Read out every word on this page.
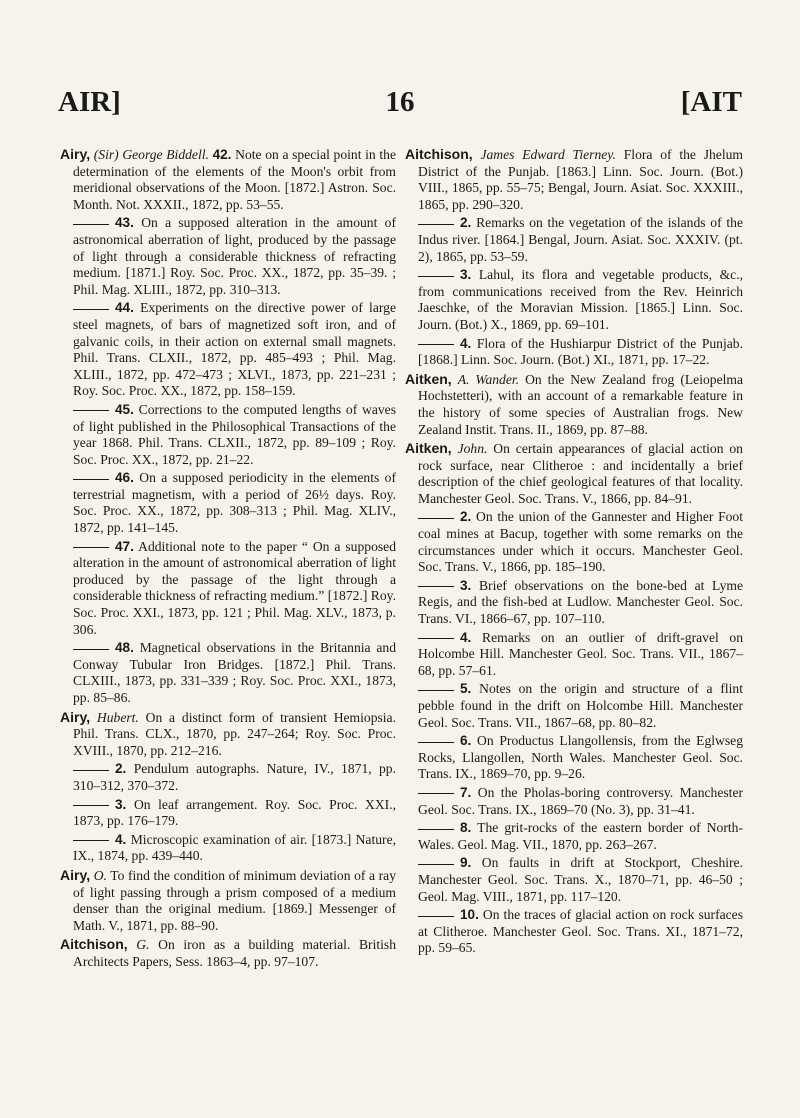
AIR]	16	[AIT

Airy, (Sir) George Biddell. 42. Note on a special point in the determination of the elements of the Moon's orbit from meridional observations of the Moon. [1872.] Astron. Soc. Month. Not. XXXII., 1872, pp. 53–55.

43. On a supposed alteration in the amount of astronomical aberration of light, produced by the passage of light through a considerable thickness of refracting medium. [1871.] Roy. Soc. Proc. XX., 1872, pp. 35–39. ; Phil. Mag. XLIII., 1872, pp. 310–313.

44. Experiments on the directive power of large steel magnets, of bars of magnetized soft iron, and of galvanic coils, in their action on external small magnets. Phil. Trans. CLXII., 1872, pp. 485–493 ; Phil. Mag. XLIII., 1872, pp. 472–473 ; XLVI., 1873, pp. 221–231 ; Roy. Soc. Proc. XX., 1872, pp. 158–159.

45. Corrections to the computed lengths of waves of light published in the Philosophical Transactions of the year 1868. Phil. Trans. CLXII., 1872, pp. 89–109 ; Roy. Soc. Proc. XX., 1872, pp. 21–22.

46. On a supposed periodicity in the elements of terrestrial magnetism, with a period of 26½ days. Roy. Soc. Proc. XX., 1872, pp. 308–313 ; Phil. Mag. XLIV., 1872, pp. 141–145.

47. Additional note to the paper “ On a supposed alteration in the amount of astronomical aberration of light produced by the passage of the light through a considerable thickness of refracting medium.” [1872.] Roy. Soc. Proc. XXI., 1873, pp. 121 ; Phil. Mag. XLV., 1873, p. 306.

48. Magnetical observations in the Britannia and Conway Tubular Iron Bridges. [1872.] Phil. Trans. CLXIII., 1873, pp. 331–339 ; Roy. Soc. Proc. XXI., 1873, pp. 85–86.

Airy, Hubert. On a distinct form of transient Hemiopsia. Phil. Trans. CLX., 1870, pp. 247–264; Roy. Soc. Proc. XVIII., 1870, pp. 212–216.

2. Pendulum autographs. Nature, IV., 1871, pp. 310–312, 370–372.

3. On leaf arrangement. Roy. Soc. Proc. XXI., 1873, pp. 176–179.

4. Microscopic examination of air. [1873.] Nature, IX., 1874, pp. 439–440.

Airy, O. To find the condition of minimum deviation of a ray of light passing through a prism composed of a medium denser than the original medium. [1869.] Messenger of Math. V., 1871, pp. 88–90.

Aitchison, G. On iron as a building material. British Architects Papers, Sess. 1863–4, pp. 97–107.

Aitchison, James Edward Tierney. Flora of the Jhelum District of the Punjab. [1863.] Linn. Soc. Journ. (Bot.) VIII., 1865, pp. 55–75; Bengal, Journ. Asiat. Soc. XXXIII., 1865, pp. 290–320.

2. Remarks on the vegetation of the islands of the Indus river. [1864.] Bengal, Journ. Asiat. Soc. XXXIV. (pt. 2), 1865, pp. 53–59.

3. Lahul, its flora and vegetable products, &c., from communications received from the Rev. Heinrich Jaeschke, of the Moravian Mission. [1865.] Linn. Soc. Journ. (Bot.) X., 1869, pp. 69–101.

4. Flora of the Hushiarpur District of the Punjab. [1868.] Linn. Soc. Journ. (Bot.) XI., 1871, pp. 17–22.

Aitken, A. Wander. On the New Zealand frog (Leiopelma Hochstetteri), with an account of a remarkable feature in the history of some species of Australian frogs. New Zealand Instit. Trans. II., 1869, pp. 87–88.

Aitken, John. On certain appearances of glacial action on rock surface, near Clitheroe : and incidentally a brief description of the chief geological features of that locality. Manchester Geol. Soc. Trans. V., 1866, pp. 84–91.

2. On the union of the Gannester and Higher Foot coal mines at Bacup, together with some remarks on the circumstances under which it occurs. Manchester Geol. Soc. Trans. V., 1866, pp. 185–190.

3. Brief observations on the bone-bed at Lyme Regis, and the fish-bed at Ludlow. Manchester Geol. Soc. Trans. VI., 1866–67, pp. 107–110.

4. Remarks on an outlier of drift-gravel on Holcombe Hill. Manchester Geol. Soc. Trans. VII., 1867–68, pp. 57–61.

5. Notes on the origin and structure of a flint pebble found in the drift on Holcombe Hill. Manchester Geol. Soc. Trans. VII., 1867–68, pp. 80–82.

6. On Productus Llangollensis, from the Eglwseg Rocks, Llangollen, North Wales. Manchester Geol. Soc. Trans. IX., 1869–70, pp. 9–26.

7. On the Pholas-boring controversy. Manchester Geol. Soc. Trans. IX., 1869–70 (No. 3), pp. 31–41.

8. The grit-rocks of the eastern border of North-Wales. Geol. Mag. VII., 1870, pp. 263–267.

9. On faults in drift at Stockport, Cheshire. Manchester Geol. Soc. Trans. X., 1870–71, pp. 46–50 ; Geol. Mag. VIII., 1871, pp. 117–120.

10. On the traces of glacial action on rock surfaces at Clitheroe. Manchester Geol. Soc. Trans. XI., 1871–72, pp. 59–65.
